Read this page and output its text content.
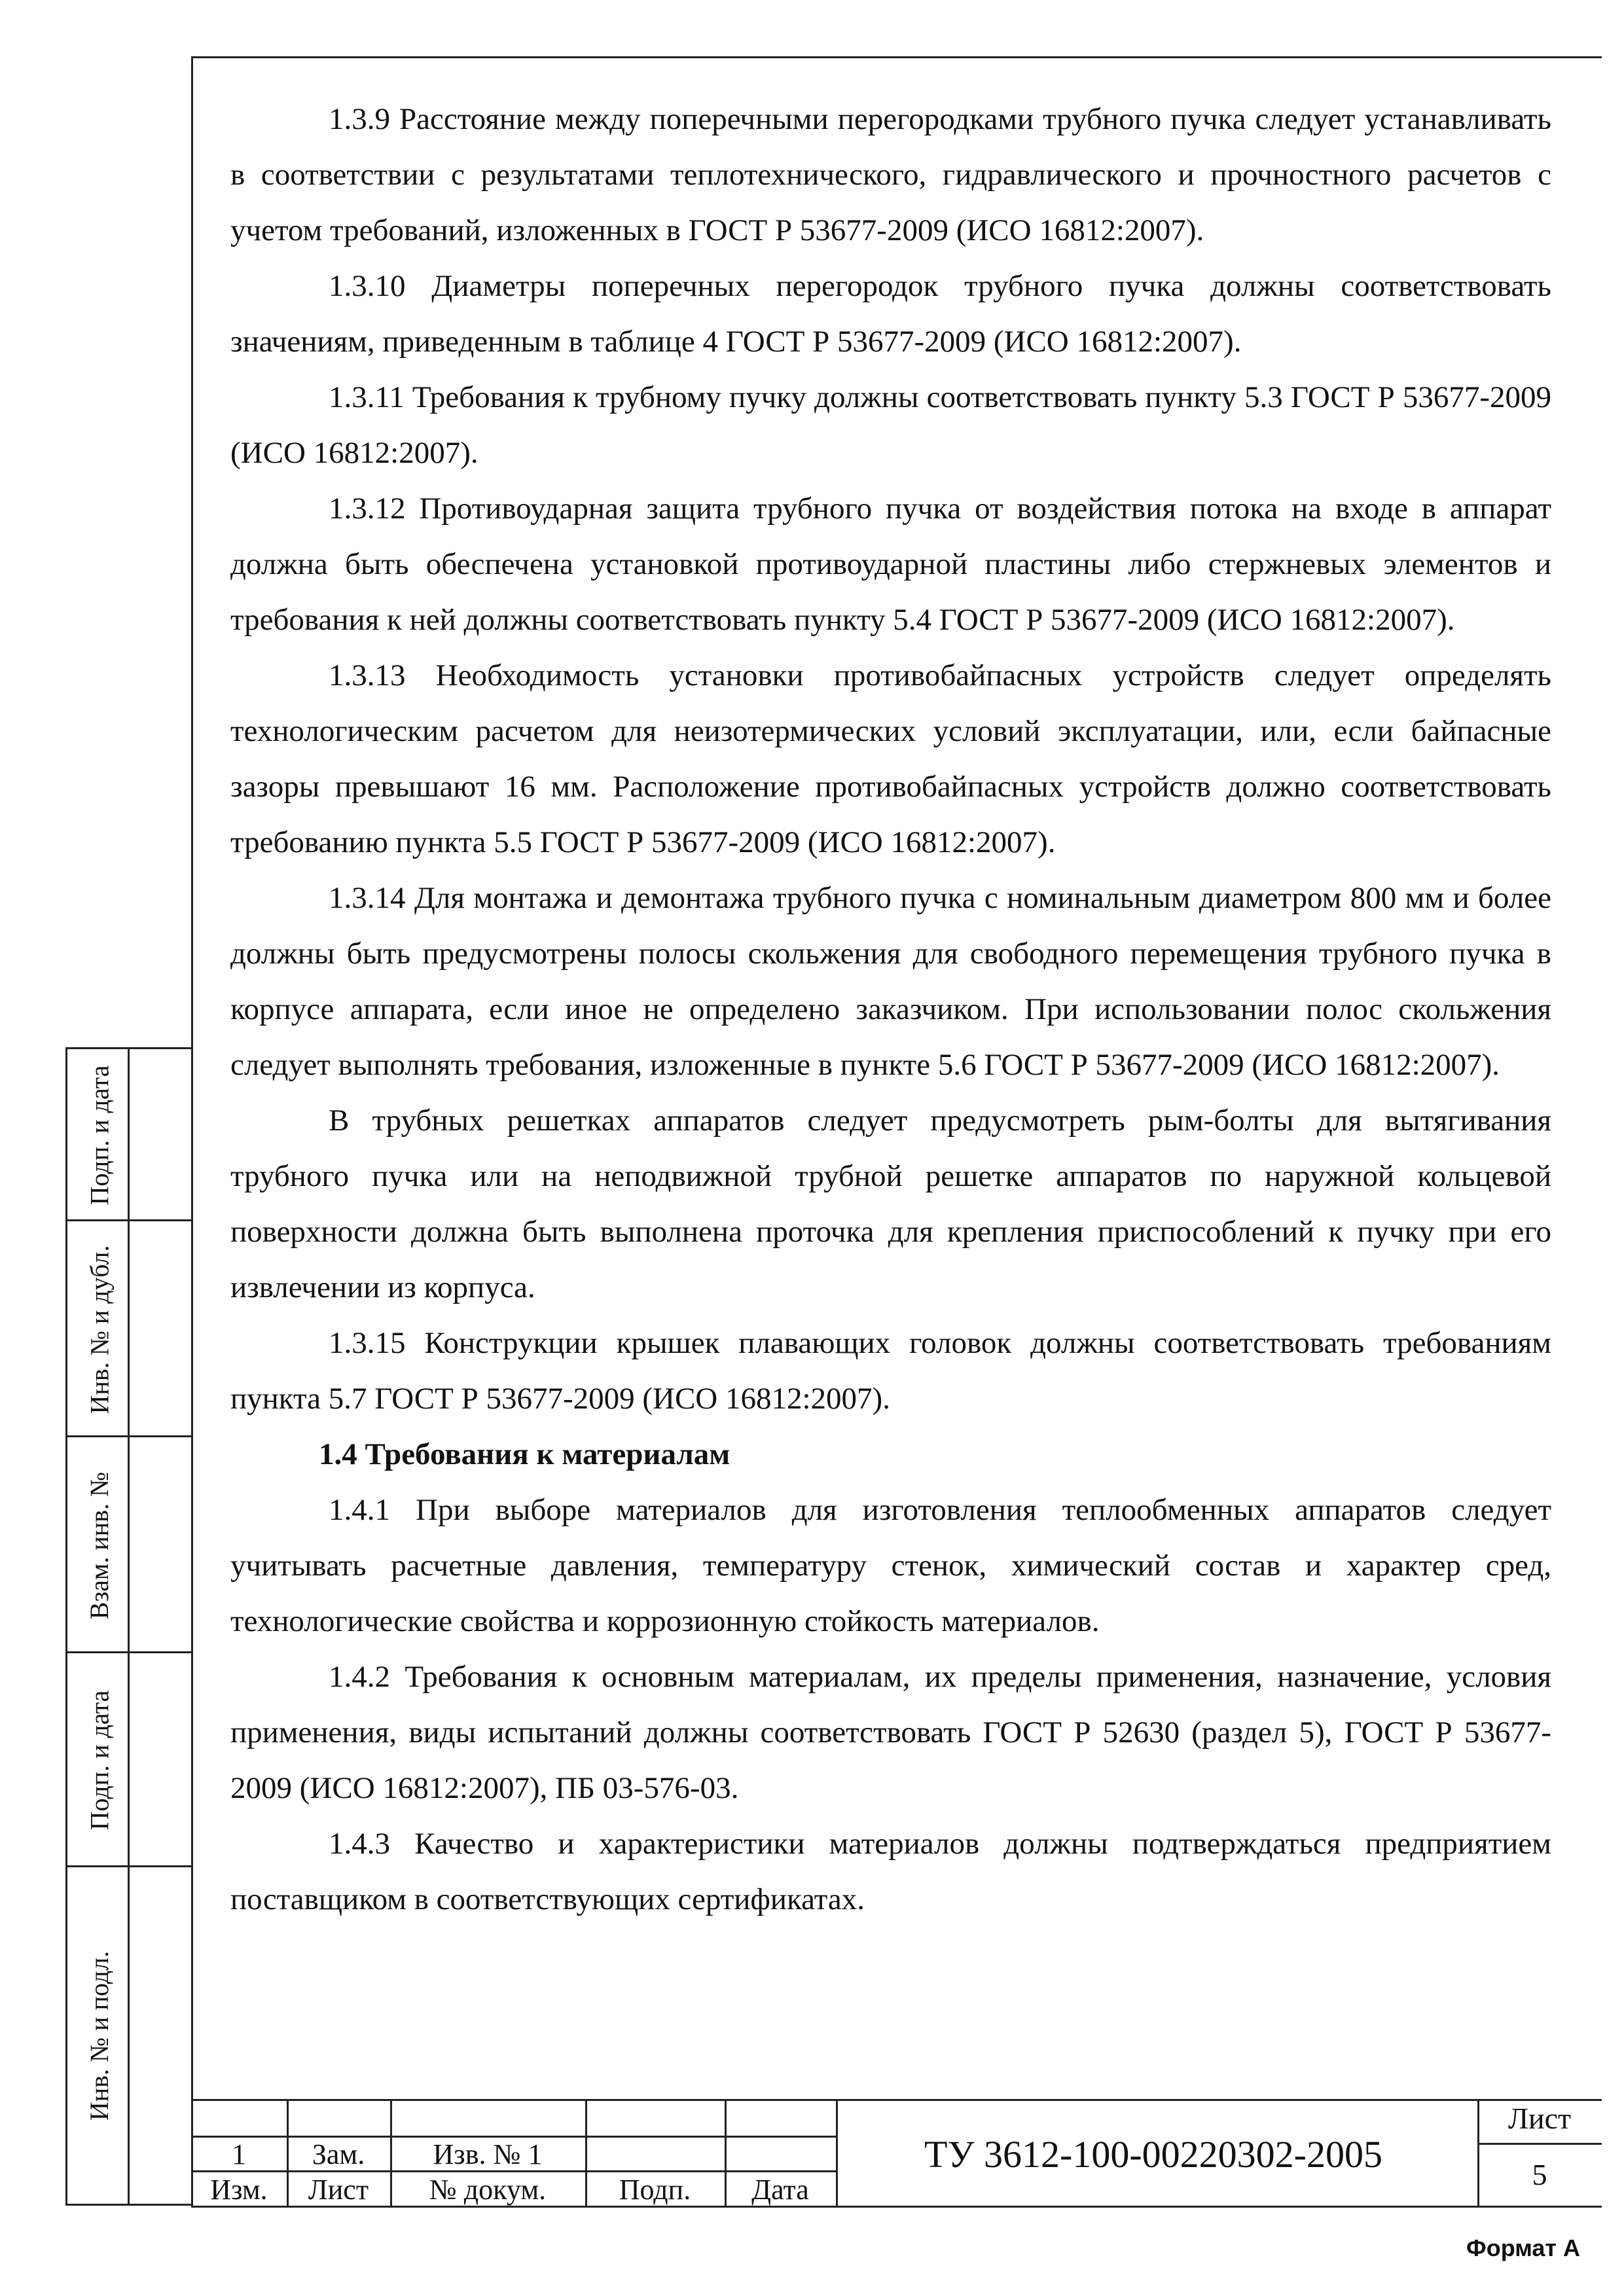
Подп. и дата
Инв. № и дубл.
Взам. инв. №
Подп. и дата
Инв. № и подл.

1.3.9 Расстояние между поперечными перегородками трубного пучка следует устанавливать в соответствии с результатами теплотехнического, гидравлического и прочностного расчетов с учетом требований, изложенных в ГОСТ Р 53677-2009 (ИСО 16812:2007).

1.3.10 Диаметры поперечных перегородок трубного пучка должны соответствовать значениям, приведенным в таблице 4 ГОСТ Р 53677-2009 (ИСО 16812:2007).

1.3.11 Требования к трубному пучку должны соответствовать пункту 5.3 ГОСТ Р 53677-2009 (ИСО 16812:2007).

1.3.12 Противоударная защита трубного пучка от воздействия потока на входе в аппарат должна быть обеспечена установкой противоударной пластины либо стержневых элементов и требования к ней должны соответствовать пункту 5.4 ГОСТ Р 53677-2009 (ИСО 16812:2007).

1.3.13 Необходимость установки противобайпасных устройств следует определять технологическим расчетом для неизотермических условий эксплуатации, или, если байпасные зазоры превышают 16 мм. Расположение противобайпасных устройств должно соответствовать требованию пункта 5.5 ГОСТ Р 53677-2009 (ИСО 16812:2007).

1.3.14 Для монтажа и демонтажа трубного пучка с номинальным диаметром 800 мм и более должны быть предусмотрены полосы скольжения для свободного перемещения трубного пучка в корпусе аппарата, если иное не определено заказчиком. При использовании полос скольжения следует выполнять требования, изложенные в пункте 5.6 ГОСТ Р 53677-2009 (ИСО 16812:2007).

В трубных решетках аппаратов следует предусмотреть рым-болты для вытягивания трубного пучка или на неподвижной трубной решетке аппаратов по наружной кольцевой поверхности должна быть выполнена проточка для крепления приспособлений к пучку при его извлечении из корпуса.

1.3.15 Конструкции крышек плавающих головок должны соответствовать требованиям пункта 5.7 ГОСТ Р 53677-2009 (ИСО 16812:2007).

1.4 Требования к материалам

1.4.1 При выборе материалов для изготовления теплообменных аппаратов следует учитывать расчетные давления, температуру стенок, химический состав и характер сред, технологические свойства и коррозионную стойкость материалов.

1.4.2 Требования к основным материалам, их пределы применения, назначение, условия применения, виды испытаний должны соответствовать ГОСТ Р 52630 (раздел 5), ГОСТ Р 53677-2009 (ИСО 16812:2007), ПБ 03-576-03.

1.4.3 Качество и характеристики материалов должны подтверждаться предприятием поставщиком в соответствующих сертификатах.

1	Зам.	Изв. № 1
Изм.	Лист	№ докум.	Подп.	Дата
ТУ 3612-100-00220302-2005
Лист
5
Формат А
